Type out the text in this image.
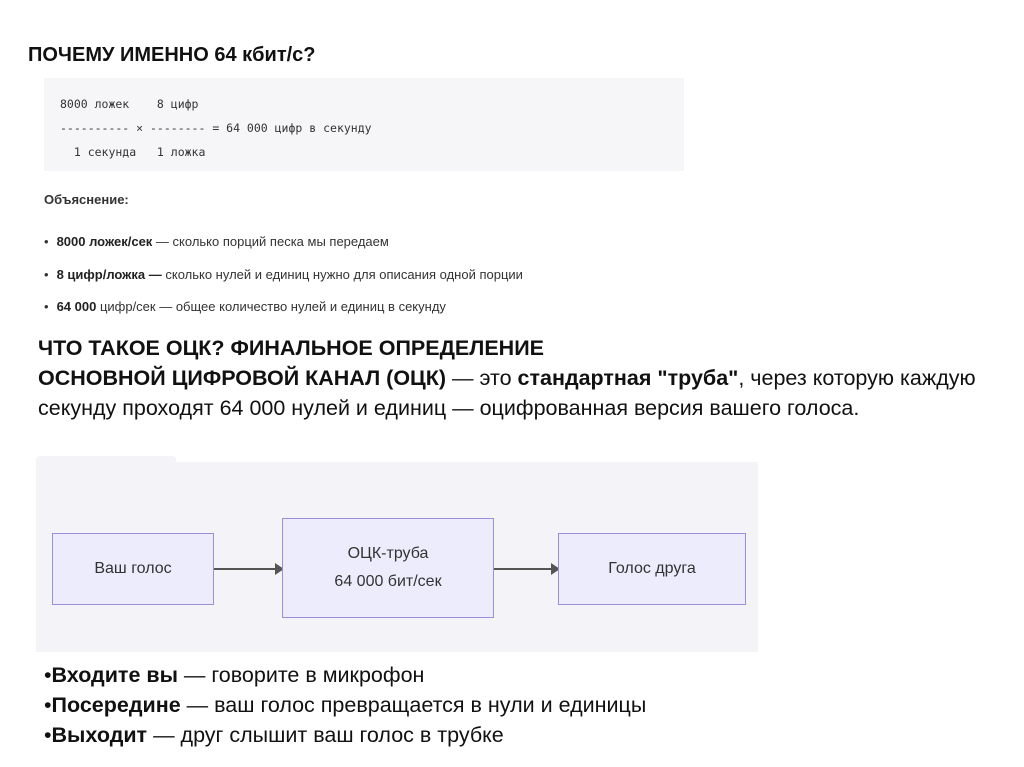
ПОЧЕМУ ИМЕННО 64 кбит/с?
8000 ложек    8 цифр
---------- × -------- = 64 000 цифр в секунду
1 секунда   1 ложка
Объяснение:
• 8000 ложек/сек — сколько порций песка мы передаем
• 8 цифр/ложка — сколько нулей и единиц нужно для описания одной порции
• 64 000 цифр/сек — общее количество нулей и единиц в секунду
ЧТО ТАКОЕ ОЦК? ФИНАЛЬНОЕ ОПРЕДЕЛЕНИЕ
ОСНОВНОЙ ЦИФРОВОЙ КАНАЛ (ОЦК) — это стандартная "труба", через которую каждую секунду проходят 64 000 нулей и единиц — оцифрованная версия вашего голоса.
Ваш голос
ОЦК-труба
64 000 бит/сек
Голос друга
• Входите вы — говорите в микрофон
• Посередине — ваш голос превращается в нули и единицы
• Выходит — друг слышит ваш голос в трубке
